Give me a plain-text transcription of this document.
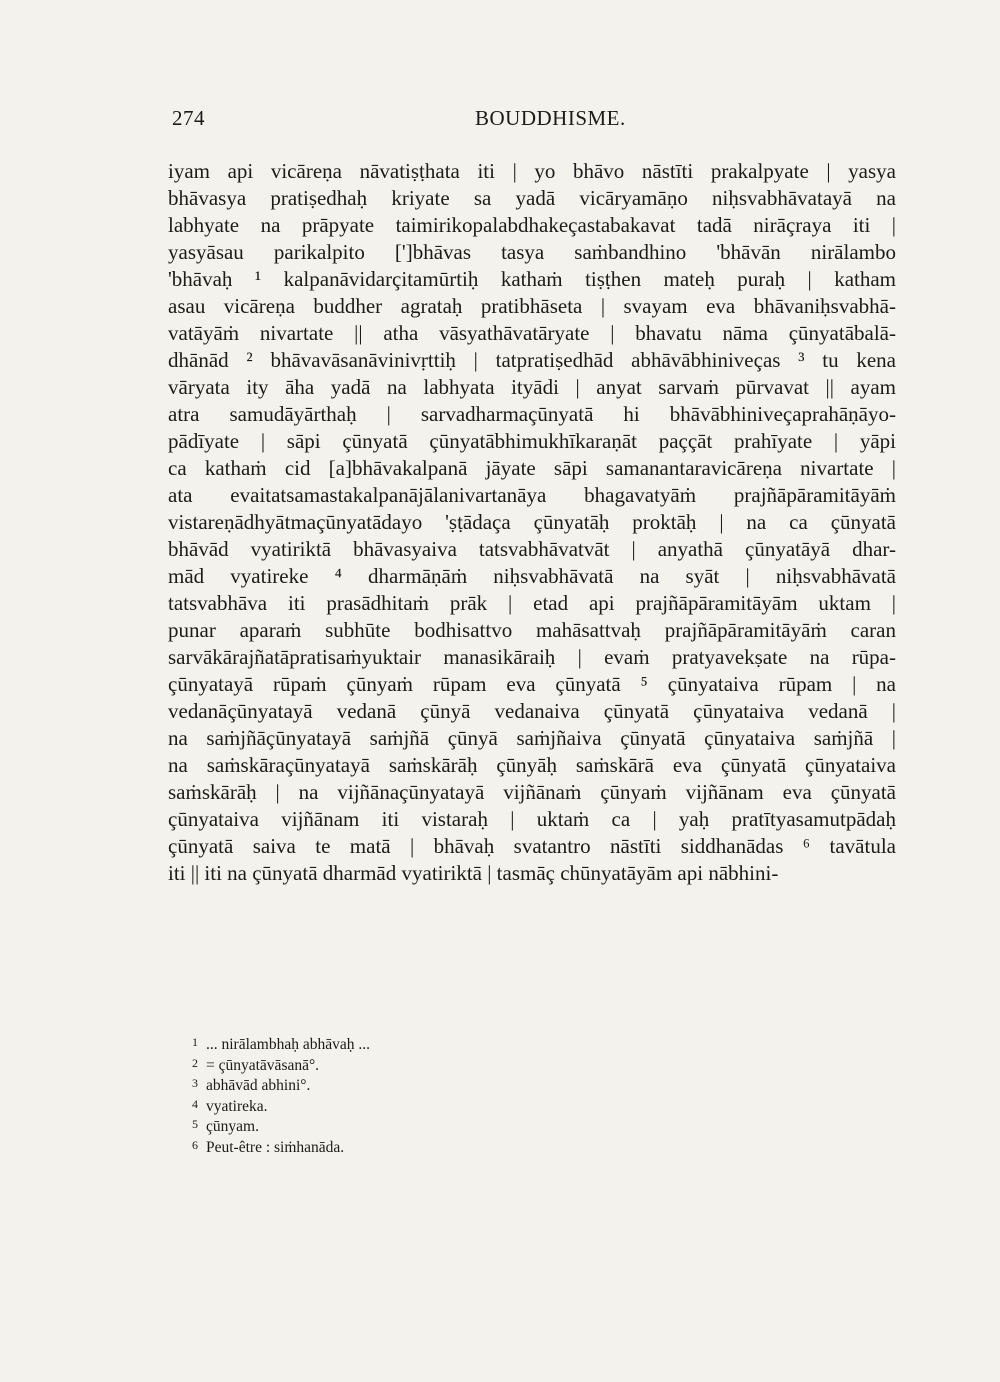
274	BOUDDHISME.
iyam api vicāreṇa nāvatiṣṭhata iti | yo bhāvo nāstīti prakalpyate | yasya
bhāvasya pratiṣedhaḥ kriyate sa yadā vicāryamāṇo niḥsvabhāvatayā na
labhyate na prāpyate taimirikopalabdhakeçastabakavat tadā nirāçraya iti |
yasyāsau parikalpito [']bhāvas tasya saṁbandhino 'bhāvān nirālambo
'bhāvaḥ ¹ kalpanāvidarçitamūrtiḥ kathaṁ tiṣṭhen mateḥ puraḥ | katham
asau vicāreṇa buddher agrataḥ pratibhāseta | svayam eva bhāvaniḥsvabhā-
vatāyāṁ nivartate || atha vāsyathāvatāryate | bhavatu nāma çūnyatābalā-
dhānād ² bhāvavāsanāvinivṛttiḥ | tatpratiṣedhād abhāvābhiniveças ³ tu kena
vāryata ity āha yadā na labhyata ityādi | anyat sarvaṁ pūrvavat || ayam
atra samudāyārthaḥ | sarvadharmaçūnyatā hi bhāvābhiniveçaprahāṇāyo-
pādīyate | sāpi çūnyatā çūnyatābhimukhīkaraṇāt paççāt prahīyate | yāpi
ca kathaṁ cid [a]bhāvakalpanā jāyate sāpi samanantaravicāreṇa nivartate |
ata evaitatsamastakalpanājālanivartanāya bhagavatyāṁ prajñāpāramitāyāṁ
vistareṇādhyātmaçūnyatādayo 'ṣṭādaça çūnyatāḥ proktāḥ | na ca çūnyatā
bhāvād vyatiriktā bhāvasyaiva tatsvabhāvatvāt | anyathā çūnyatāyā dhar-
mād vyatireke ⁴ dharmāṇāṁ niḥsvabhāvatā na syāt | niḥsvabhāvatā
tatsvabhāva iti prasādhitaṁ prāk | etad api prajñāpāramitāyām uktam |
punar aparaṁ subhūte bodhisattvo mahāsattvaḥ prajñāpāramitāyāṁ caran
sarvākārajñatāpratisaṁyuktair manasikāraiḥ | evaṁ pratyavekṣate na rūpa-
çūnyatayā rūpaṁ çūnyaṁ rūpam eva çūnyatā ⁵ çūnyataiva rūpam | na
vedanāçūnyatayā vedanā çūnyā vedanaiva çūnyatā çūnyataiva vedanā |
na saṁjñāçūnyatayā saṁjñā çūnyā saṁjñaiva çūnyatā çūnyataiva saṁjñā |
na saṁskāraçūnyatayā saṁskārāḥ çūnyāḥ saṁskārā eva çūnyatā çūnyataiva
saṁskārāḥ | na vijñānaçūnyatayā vijñānaṁ çūnyaṁ vijñānam eva çūnyatā
çūnyataiva vijñānam iti vistaraḥ | uktaṁ ca | yaḥ pratītyasamutpādaḥ
çūnyatā saiva te matā | bhāvaḥ svatantro nāstīti siddhanādas ⁶ tavātula
iti || iti na çūnyatā dharmād vyatiriktā | tasmāç chūnyatāyām api nābhini-
1 ... nirālambhaḥ abhāvaḥ ...
2 = çūnyatāvāsanā°.
3 abhāvād abhini°.
4 vyatireka.
5 çūnyam.
6 Peut-être : siṁhanāda.
